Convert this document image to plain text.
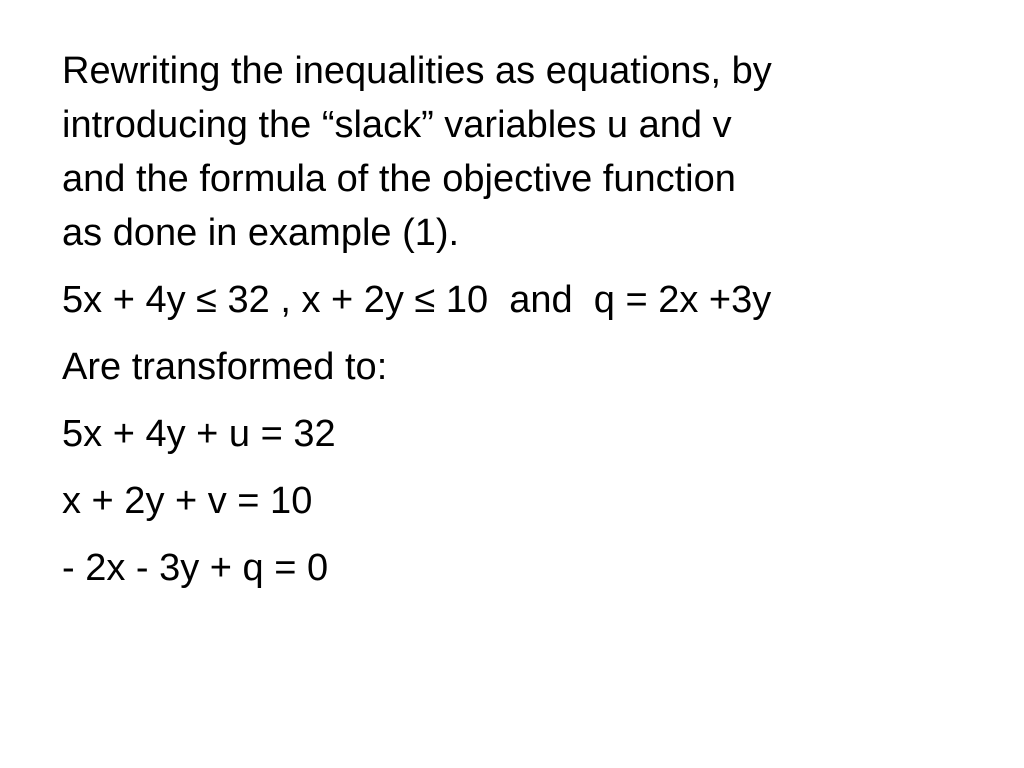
Rewriting the inequalities as equations, by
introducing the “slack” variables u and v
and the formula of the objective function
as done in example (1).

5x + 4y ≤ 32 , x + 2y ≤ 10  and  q = 2x +3y

Are transformed to:

5x + 4y + u = 32

x + 2y + v = 10

- 2x - 3y + q = 0
